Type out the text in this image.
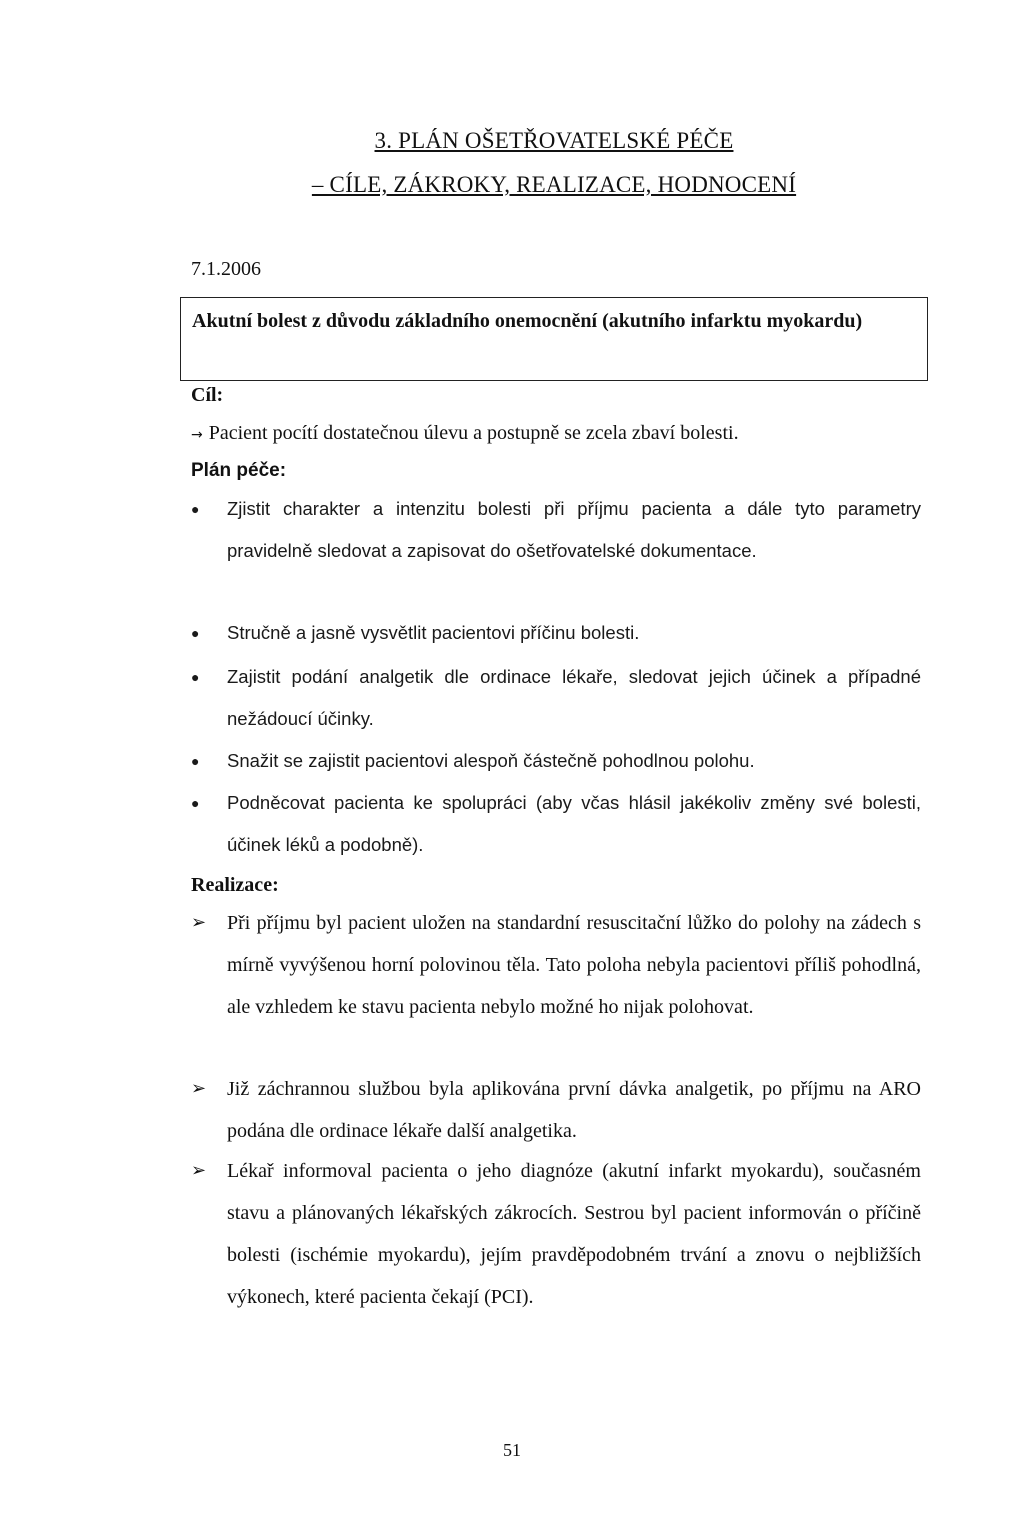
3. PLÁN OŠETŘOVATELSKÉ PÉČE
– CÍLE, ZÁKROKY, REALIZACE, HODNOCENÍ
7.1.2006
Akutní bolest z důvodu základního onemocnění (akutního infarktu myokardu)
Cíl:
→ Pacient pocítí dostatečnou úlevu a postupně se zcela zbaví bolesti.
Plán péče:
●	Zjistit charakter a intenzitu bolesti při příjmu pacienta a dále tyto parametry pravidelně sledovat a zapisovat do ošetřovatelské dokumentace.
●	Stručně a jasně vysvětlit pacientovi příčinu bolesti.
●	Zajistit podání analgetik dle ordinace lékaře, sledovat jejich účinek a případné nežádoucí účinky.
●	Snažit se zajistit pacientovi alespoň částečně pohodlnou polohu.
●	Podněcovat pacienta ke spolupráci (aby včas hlásil jakékoliv změny své bolesti, účinek léků a podobně).
Realizace:
➢ Při příjmu byl pacient uložen na standardní resuscitační lůžko do polohy na zádech s mírně vyvýšenou horní polovinou těla. Tato poloha nebyla pacientovi příliš pohodlná, ale vzhledem ke stavu pacienta nebylo možné ho nijak polohovat.
➢ Již záchrannou službou byla aplikována první dávka analgetik, po příjmu na ARO podána dle ordinace lékaře další analgetika.
➢ Lékař informoval pacienta o jeho diagnóze (akutní infarkt myokardu), současném stavu a plánovaných lékařských zákrocích. Sestrou byl pacient informován o příčině bolesti (ischémie myokardu), jejím pravděpodobném trvání a znovu o nejbližších výkonech, které pacienta čekají (PCI).
51
